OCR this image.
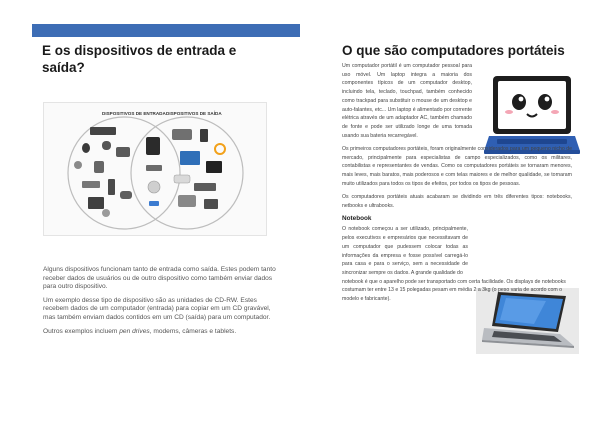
E os dispositivos de entrada e saída?
O que são computadores portáteis
DISPOSITIVOS DE ENTRADA DISPOSITIVOS DE SAÍDA

Alguns dispositivos funcionam tanto de entrada como saída. Estes podem tanto receber dados de usuários ou de outro dispositivo como também enviar dados para outro dispositivo.

Um exemplo desse tipo de dispositivo são as unidades de CD-RW. Estes recebem dados de um computador (entrada) para copiar em um CD gravável, mas também enviam dados contidos em um CD (saída) para um computador.

Outros exemplos incluem pen drives, modems, câmeras e tablets.

Um computador portátil é um computador pessoal para uso móvel. Um laptop integra a maioria dos componentes típicos de um computador desktop, incluindo tela, teclado, touchpad, também conhecido como trackpad para substituir o mouse de um desktop e auto-falantes, etc... Um laptop é alimentado por corrente elétrica através de um adaptador AC, também chamado de fonte e pode ser utilizado longe de uma tomada usando sua bateria recarregável.

Os primeiros computadores portáteis, foram originalmente considerados para um pequeno nicho de mercado, principalmente para especialistas de campo especializados, como os militares, contabilistas e representantes de vendas. Como os computadores portáteis se tornaram menores, mais leves, mais baratos, mais poderosos e com telas maiores e de melhor qualidade, se tornaram muito utilizados para todos os tipos de efeitos, por todos os tipos de pessoas.

Os computadores portáteis atuais acabaram se dividindo em três diferentes tipos: notebooks, netbooks e ultrabooks.

Notebook

O notebook começou a ser utilizado, principalmente, pelos executivos e empresários que necessitavam de um computador que pudessem colocar todas as informações da empresa e fosse possível carregá-lo para casa e para o serviço, sem a necessidade de sincronizar sempre os dados. A grande qualidade do

notebook é que o aparelho pode ser transportado com certa facilidade. Os displays de notebooks costumam ter entre 13 e 15 polegadas pesam em média 2 a 3kg (o peso varia de acordo com o modelo e fabricante).
